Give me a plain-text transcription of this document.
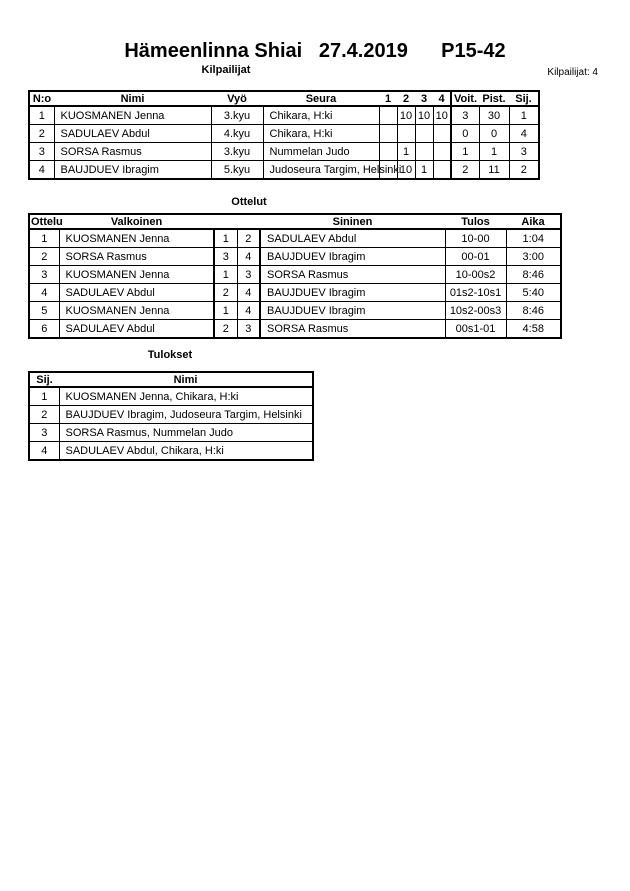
Hämeenlinna Shiai   27.4.2019      P15-42
Kilpailijat	Kilpailijat: 4
N:o	Nimi	Vyö	Seura	1	2	3	4	Voit.	Pist.	Sij.
1	KUOSMANEN Jenna	3.kyu	Chikara, H:ki		10	10	10	3	30	1
2	SADULAEV Abdul	4.kyu	Chikara, H:ki					0	0	4
3	SORSA Rasmus	3.kyu	Nummelan Judo		1			1	1	3
4	BAUJDUEV Ibragim	5.kyu	Judoseura Targim, Helsinki		10	1		2	11	2
Ottelut
Ottelu	Valkoinen			Sininen	Tulos	Aika
1	KUOSMANEN Jenna	1	2	SADULAEV Abdul	10-00	1:04
2	SORSA Rasmus	3	4	BAUJDUEV Ibragim	00-01	3:00
3	KUOSMANEN Jenna	1	3	SORSA Rasmus	10-00s2	8:46
4	SADULAEV Abdul	2	4	BAUJDUEV Ibragim	01s2-10s1	5:40
5	KUOSMANEN Jenna	1	4	BAUJDUEV Ibragim	10s2-00s3	8:46
6	SADULAEV Abdul	2	3	SORSA Rasmus	00s1-01	4:58
Tulokset
Sij.	Nimi
1	KUOSMANEN Jenna, Chikara, H:ki
2	BAUJDUEV Ibragim, Judoseura Targim, Helsinki
3	SORSA Rasmus, Nummelan Judo
4	SADULAEV Abdul, Chikara, H:ki
